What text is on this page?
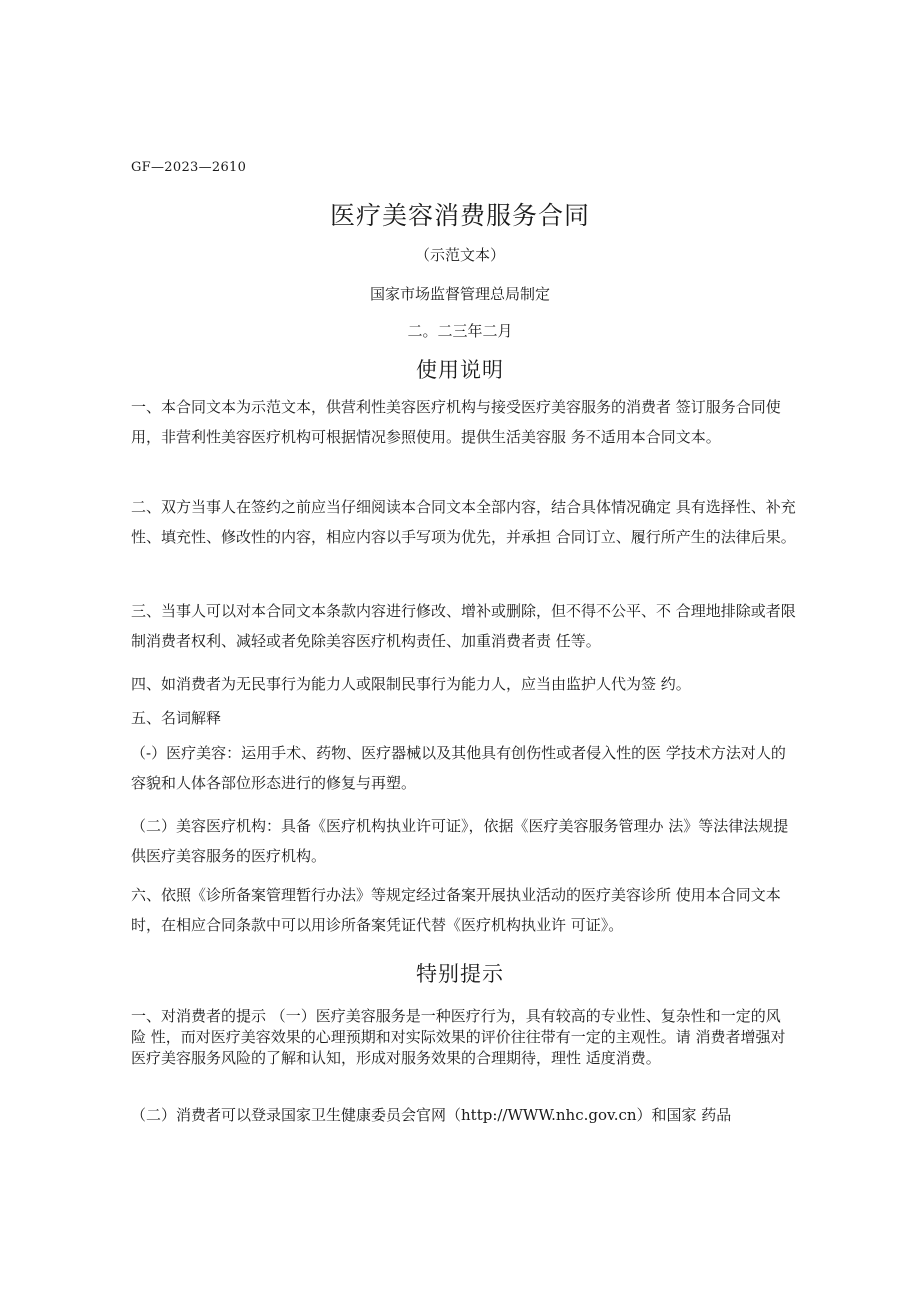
GF—2023—2610
医疗美容消费服务合同
（示范文本）
国家市场监督管理总局制定
二。二三年二月
使用说明
一、本合同文本为示范文本，供营利性美容医疗机构与接受医疗美容服务的消费者 签订服务合同使用，非营利性美容医疗机构可根据情况参照使用。提供生活美容服 务不适用本合同文本。
二、双方当事人在签约之前应当仔细阅读本合同文本全部内容，结合具体情况确定 具有选择性、补充性、填充性、修改性的内容，相应内容以手写项为优先，并承担 合同订立、履行所产生的法律后果。
三、当事人可以对本合同文本条款内容进行修改、增补或删除，但不得不公平、不 合理地排除或者限制消费者权利、减轻或者免除美容医疗机构责任、加重消费者责 任等。
四、如消费者为无民事行为能力人或限制民事行为能力人，应当由监护人代为签 约。
五、名词解释
（-）医疗美容：运用手术、药物、医疗器械以及其他具有创伤性或者侵入性的医 学技术方法对人的容貌和人体各部位形态进行的修复与再塑。
（二）美容医疗机构：具备《医疗机构执业许可证》，依据《医疗美容服务管理办 法》等法律法规提供医疗美容服务的医疗机构。
六、依照《诊所备案管理暂行办法》等规定经过备案开展执业活动的医疗美容诊所 使用本合同文本时，在相应合同条款中可以用诊所备案凭证代替《医疗机构执业许 可证》。
特别提示
一、对消费者的提示 （一）医疗美容服务是一种医疗行为，具有较高的专业性、复杂性和一定的风险 性，而对医疗美容效果的心理预期和对实际效果的评价往往带有一定的主观性。请 消费者增强对医疗美容服务风险的了解和认知，形成对服务效果的合理期待，理性 适度消费。
（二）消费者可以登录国家卫生健康委员会官网（http://WWW.nhc.gov.cn）和国家 药品
